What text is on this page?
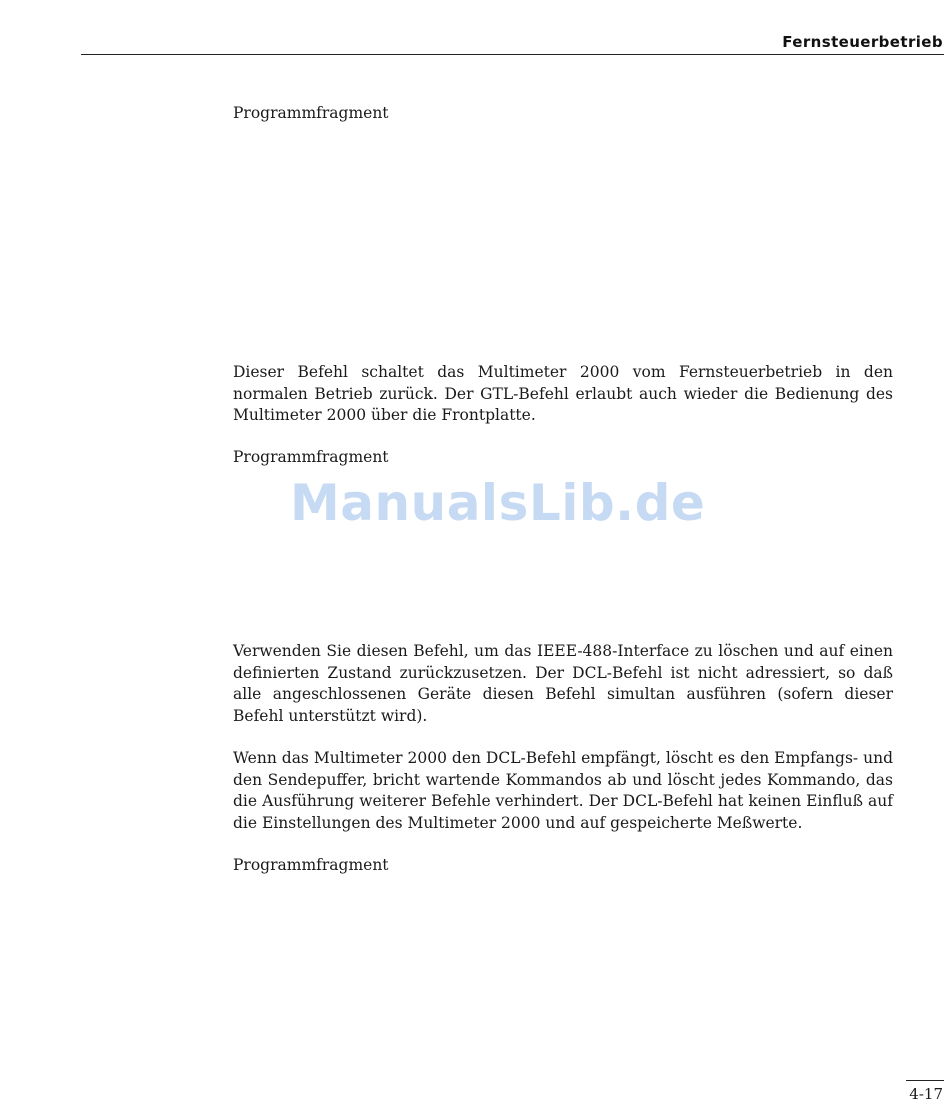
Fernsteuerbetrieb
Programmfragment
Dieser Befehl schaltet das Multimeter 2000 vom Fernsteuerbetrieb in den normalen Betrieb zurück. Der GTL-Befehl erlaubt auch wieder die Bedienung des Multimeter 2000 über die Frontplatte.
Programmfragment
ManualsLib.de
Verwenden Sie diesen Befehl, um das IEEE-488-Interface zu löschen und auf einen definierten Zustand zurückzusetzen. Der DCL-Befehl ist nicht adressiert, so daß alle angeschlossenen Geräte diesen Befehl simultan ausführen (sofern dieser Befehl unterstützt wird).
Wenn das Multimeter 2000 den DCL-Befehl empfängt, löscht es den Empfangs- und den Sendepuffer, bricht wartende Kommandos ab und löscht jedes Kommando, das die Ausführung weiterer Befehle verhindert. Der DCL-Befehl hat keinen Einfluß auf die Einstellungen des Multimeter 2000 und auf gespeicherte Meßwerte.
Programmfragment
4-17
